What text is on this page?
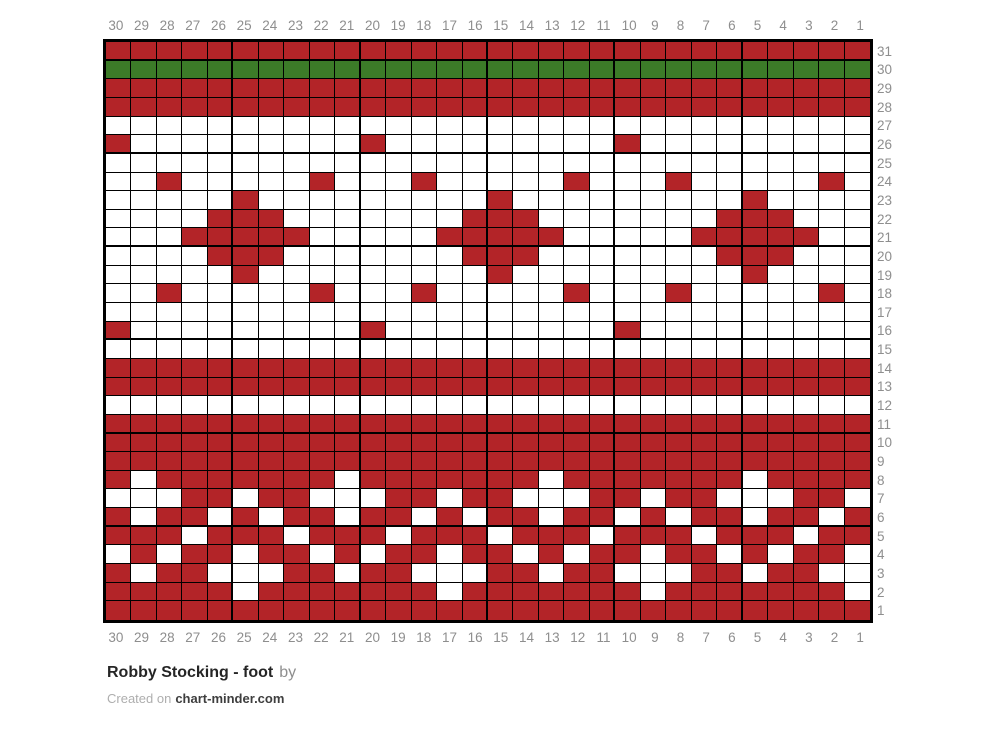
30 29 28 27 26 25 24 23 22 21 20 19 18 17 16 15 14 13 12 11 10	9	8	7	6	5	4	3	2	1
31
30
29
28
27
26
25
24
23
22
21
20
19
18
17
16
15
14
13
12
11
10
9
8
7
6
5
4
3
2
1
30 29 28 27 26 25 24 23 22 21 20 19 18 17 16 15 14 13 12 11 10	9	8	7	6	5	4	3	2	1
Robby Stocking - foot by
Created on chart-minder.com
